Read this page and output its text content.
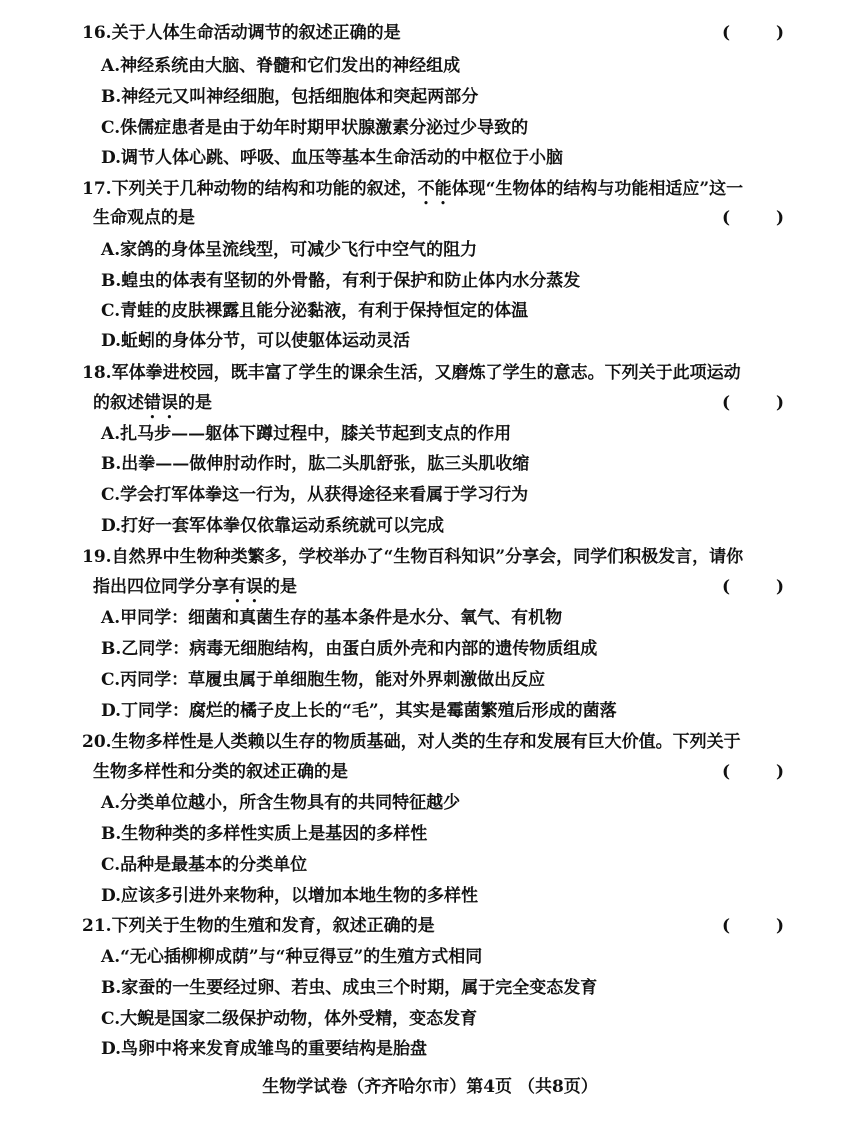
16.关于人体生命活动调节的叙述正确的是	(	)
A.神经系统由大脑、脊髓和它们发出的神经组成
B.神经元又叫神经细胞，包括细胞体和突起两部分
C.侏儒症患者是由于幼年时期甲状腺激素分泌过少导致的
D.调节人体心跳、呼吸、血压等基本生命活动的中枢位于小脑
17.下列关于几种动物的结构和功能的叙述，不能体现“生物体的结构与功能相适应”这一
生命观点的是	(	)
A.家鸽的身体呈流线型，可减少飞行中空气的阻力
B.蝗虫的体表有坚韧的外骨骼，有利于保护和防止体内水分蒸发
C.青蛙的皮肤裸露且能分泌黏液，有利于保持恒定的体温
D.蚯蚓的身体分节，可以使躯体运动灵活
18.军体拳进校园，既丰富了学生的课余生活，又磨炼了学生的意志。下列关于此项运动
的叙述错误的是	(	)
A.扎马步——躯体下蹲过程中，膝关节起到支点的作用
B.出拳——做伸肘动作时，肱二头肌舒张，肱三头肌收缩
C.学会打军体拳这一行为，从获得途径来看属于学习行为
D.打好一套军体拳仅依靠运动系统就可以完成
19.自然界中生物种类繁多，学校举办了“生物百科知识”分享会，同学们积极发言，请你
指出四位同学分享有误的是	(	)
A.甲同学：细菌和真菌生存的基本条件是水分、氧气、有机物
B.乙同学：病毒无细胞结构，由蛋白质外壳和内部的遗传物质组成
C.丙同学：草履虫属于单细胞生物，能对外界刺激做出反应
D.丁同学：腐烂的橘子皮上长的“毛”，其实是霉菌繁殖后形成的菌落
20.生物多样性是人类赖以生存的物质基础，对人类的生存和发展有巨大价值。下列关于
生物多样性和分类的叙述正确的是	(	)
A.分类单位越小，所含生物具有的共同特征越少
B.生物种类的多样性实质上是基因的多样性
C.品种是最基本的分类单位
D.应该多引进外来物种，以增加本地生物的多样性
21.下列关于生物的生殖和发育，叙述正确的是	(	)
A.“无心插柳柳成荫”与“种豆得豆”的生殖方式相同
B.家蚕的一生要经过卵、若虫、成虫三个时期，属于完全变态发育
C.大鲵是国家二级保护动物，体外受精，变态发育
D.鸟卵中将来发育成雏鸟的重要结构是胎盘
生物学试卷（齐齐哈尔市）第4页 （共8页）
